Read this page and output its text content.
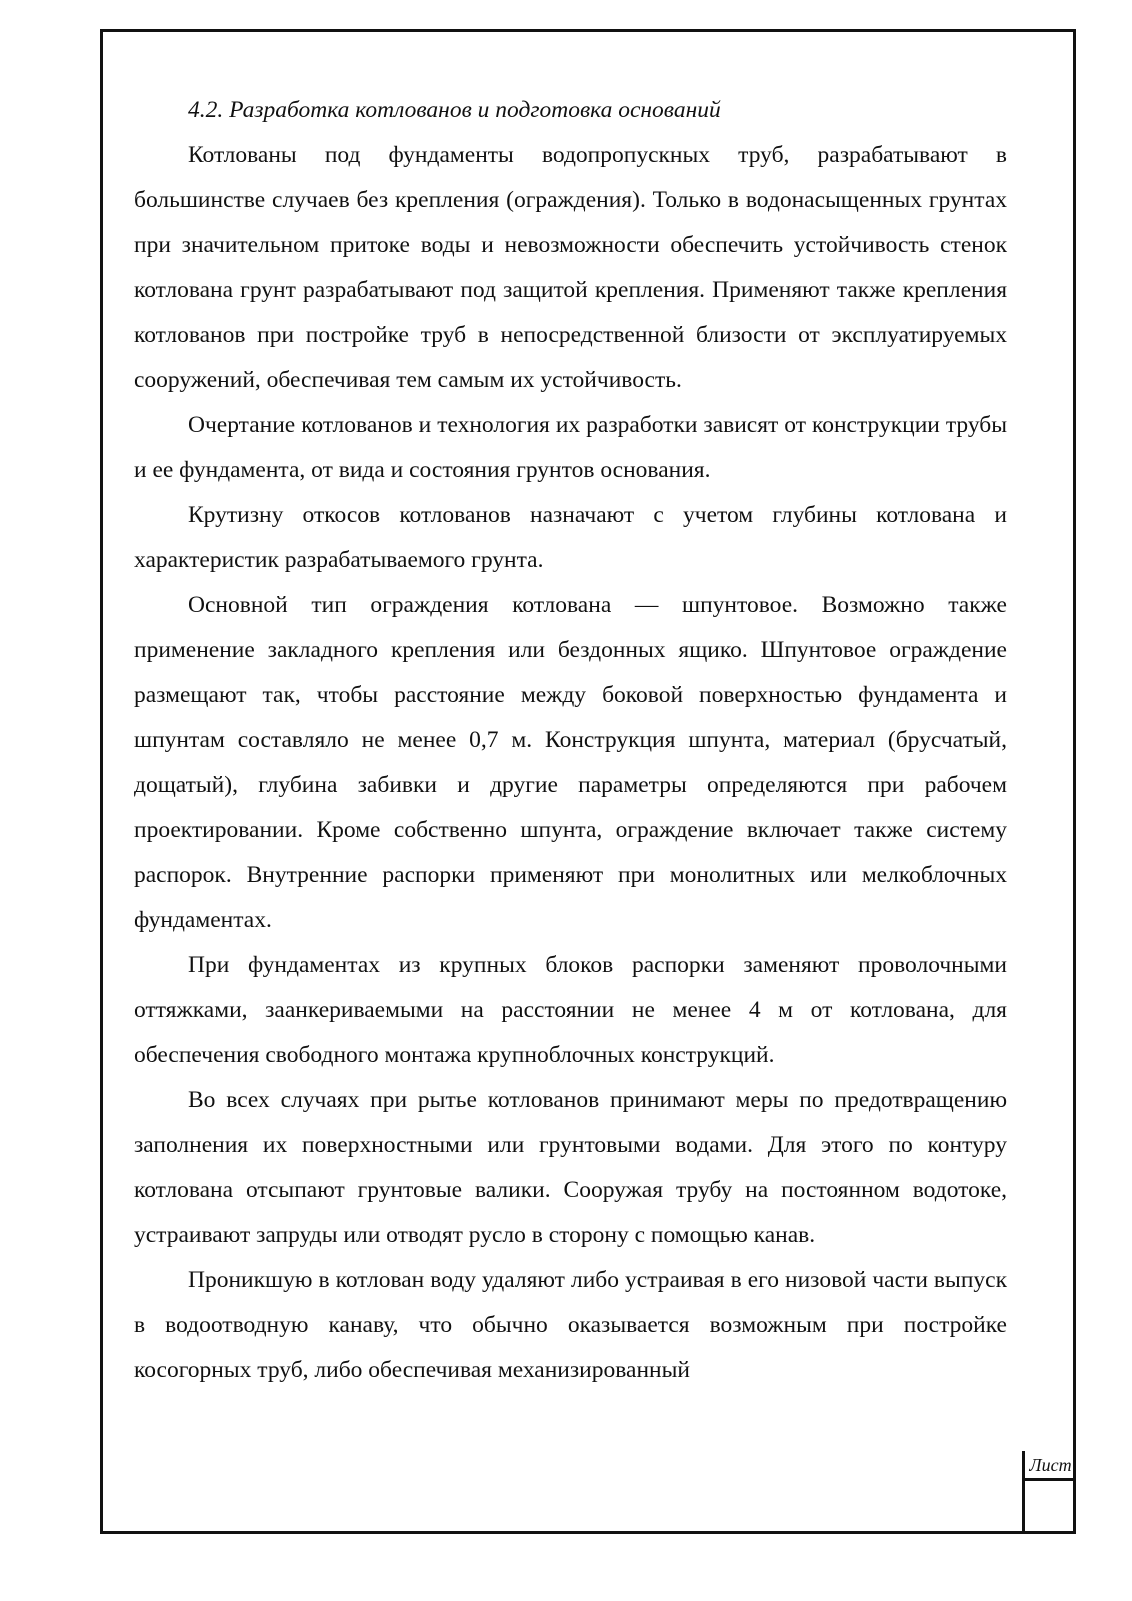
4.2. Разработка котлованов и подготовка оснований

Котлованы под фундаменты водопропускных труб, разрабатывают в большинстве случаев без крепления (ограждения). Только в водонасыщенных грунтах при значительном притоке воды и невозможности обеспечить устойчивость стенок котлована грунт разрабатывают под защитой крепления. Применяют также крепления котлованов при постройке труб в непосредственной близости от эксплуатируемых сооружений, обеспечивая тем самым их устойчивость.

Очертание котлованов и технология их разработки зависят от конструкции трубы и ее фундамента, от вида и состояния грунтов основания.

Крутизну откосов котлованов назначают с учетом глубины котлована и характеристик разрабатываемого грунта.

Основной тип ограждения котлована — шпунтовое. Возможно также применение закладного крепления или бездонных ящико. Шпунтовое ограждение размещают так, чтобы расстояние между боковой поверхностью фундамента и шпунтам составляло не менее 0,7 м. Конструкция шпунта, материал (брусчатый, дощатый), глубина забивки и другие параметры определяются при рабочем проектировании. Кроме собственно шпунта, ограждение включает также систему распорок. Внутренние распорки применяют при монолитных или мелкоблочных фундаментах.

При фундаментах из крупных блоков распорки заменяют проволочными оттяжками, заанкериваемыми на расстоянии не менее 4 м от котлована, для обеспечения свободного монтажа крупноблочных конструкций.

Во всех случаях при рытье котлованов принимают меры по предотвращению заполнения их поверхностными или грунтовыми водами. Для этого по контуру котлована отсыпают грунтовые валики. Сооружая трубу на постоянном водотоке, устраивают запруды или отводят русло в сторону с помощью канав.

Проникшую в котлован воду удаляют либо устраивая в его низовой части выпуск в водоотводную канаву, что обычно оказывается возможным при постройке косогорных труб, либо обеспечивая механизированный

Лист
